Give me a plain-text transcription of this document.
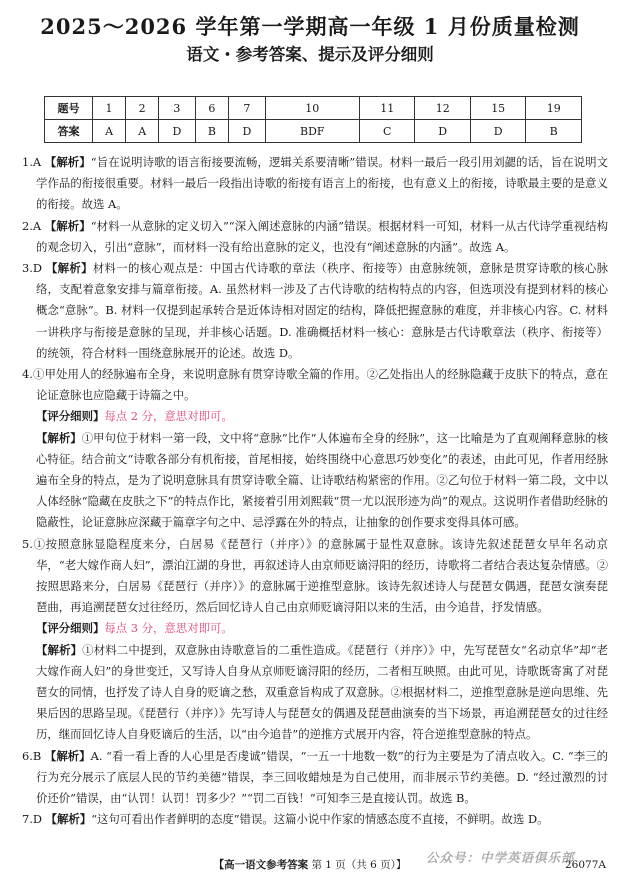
2025～2026 学年第一学期高一年级 1 月份质量检测
语文・参考答案、提示及评分细则
题号	1	2	3	6	7	10	11	12	15	19
答案	A	A	D	B	D	BDF	C	D	D	B

1.A 【解析】“旨在说明诗歌的语言衔接要流畅，逻辑关系要清晰”错误。材料一最后一段引用刘勰的话，旨在说明文学作品的衔接很重要。材料一最后一段指出诗歌的衔接有语言上的衔接，也有意义上的衔接，诗歌最主要的是意义的衔接。故选 A。

2.A 【解析】“材料一从意脉的定义切入”“深入阐述意脉的内涵”错误。根据材料一可知，材料一从古代诗学重视结构的观念切入，引出“意脉”，而材料一没有给出意脉的定义，也没有“阐述意脉的内涵”。故选 A。

3.D 【解析】材料一的核心观点是：中国古代诗歌的章法（秩序、衔接等）由意脉统领，意脉是贯穿诗歌的核心脉络，支配着意象安排与篇章衔接。A. 虽然材料一涉及了古代诗歌的结构特点的内容，但选项没有提到材料的核心概念“意脉”。B. 材料一仅提到起承转合是近体诗相对固定的结构，降低把握意脉的难度，并非核心内容。C. 材料一讲秩序与衔接是意脉的呈现，并非核心话题。D. 准确概括材料一核心：意脉是古代诗歌章法（秩序、衔接等）的统领，符合材料一围绕意脉展开的论述。故选 D。

4.①甲处用人的经脉遍布全身，来说明意脉有贯穿诗歌全篇的作用。②乙处指出人的经脉隐藏于皮肤下的特点，意在论证意脉也应隐藏于诗篇之中。

【评分细则】每点 2 分，意思对即可。

【解析】①甲句位于材料一第一段，文中将“意脉”比作“人体遍布全身的经脉”，这一比喻是为了直观阐释意脉的核心特征。结合前文“诗歌各部分有机衔接，首尾相接，始终围绕中心意思巧妙变化”的表述，由此可见，作者用经脉遍布全身的特点，是为了说明意脉具有贯穿诗歌全篇、让诗歌结构紧密的作用。②乙句位于材料一第二段，文中以人体经脉“隐藏在皮肤之下”的特点作比，紧接着引用刘熙载“贯一尤以泯形迹为尚”的观点。这说明作者借助经脉的隐蔽性，论证意脉应深藏于篇章字句之中、忌浮露在外的特点，让抽象的创作要求变得具体可感。

5.①按照意脉显隐程度来分，白居易《琵琶行（并序）》的意脉属于显性双意脉。该诗先叙述琵琶女早年名动京华，“老大嫁作商人妇”，漂泊江湖的身世，再叙述诗人由京师贬谪浔阳的经历，诗歌将二者结合表达复杂情感。②按照思路来分，白居易《琵琶行（并序）》的意脉属于逆推型意脉。该诗先叙述诗人与琵琶女偶遇，琵琶女演奏琵琶曲，再追溯琵琶女过往经历，然后回忆诗人自己由京师贬谪浔阳以来的生活，由今追昔，抒发情感。

【评分细则】每点 3 分，意思对即可。

【解析】①材料二中提到，双意脉由诗歌意旨的二重性造成。《琵琶行（并序）》中，先写琵琶女“名动京华”却“老大嫁作商人妇”的身世变迁，又写诗人自身从京师贬谪浔阳的经历，二者相互映照。由此可见，诗歌既寄寓了对琵琶女的同情，也抒发了诗人自身的贬谪之愁，双重意旨构成了双意脉。②根据材料二，逆推型意脉是逆向思维、先果后因的思路呈现。《琵琶行（并序）》先写诗人与琵琶女的偶遇及琵琶曲演奏的当下场景，再追溯琵琶女的过往经历，继而回忆诗人自身贬谪后的生活，以“由今追昔”的逆推方式展开内容，符合逆推型意脉的特点。

6.B 【解析】A. “看一看上香的人心里是否虔诚”错误，“一五一十地数一数”的行为主要是为了清点收入。C. “李三的行为充分展示了底层人民的节约美德”错误，李三回收蜡烛是为自己使用，而非展示节约美德。D. “经过激烈的讨价还价”错误，由“认罚！认罚！罚多少？”“罚二百钱！”可知李三是直接认罚。故选 B。

7.D 【解析】“这句可看出作者鲜明的态度”错误。这篇小说中作家的情感态度不直接，不鲜明。故选 D。

公众号：中学英语俱乐部
【高一语文参考答案 第 1 页（共 6 页）】	26077A
